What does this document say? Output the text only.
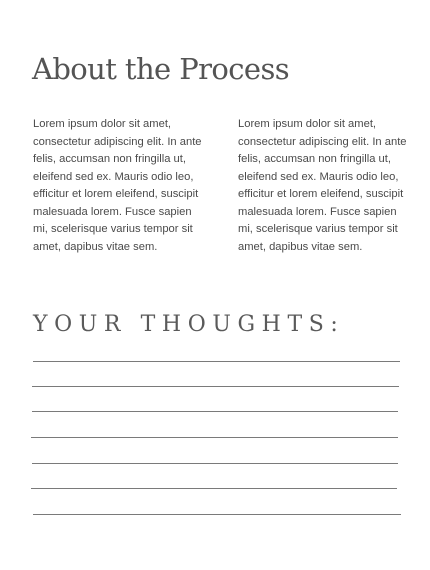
About the Process

Lorem ipsum dolor sit amet, consectetur adipiscing elit. In ante felis, accumsan non fringilla ut, eleifend sed ex. Mauris odio leo, efficitur et lorem eleifend, suscipit malesuada lorem. Fusce sapien mi, scelerisque varius tempor sit amet, dapibus vitae sem.

Lorem ipsum dolor sit amet, consectetur adipiscing elit. In ante felis, accumsan non fringilla ut, eleifend sed ex. Mauris odio leo, efficitur et lorem eleifend, suscipit malesuada lorem. Fusce sapien mi, scelerisque varius tempor sit amet, dapibus vitae sem.

YOUR THOUGHTS:
